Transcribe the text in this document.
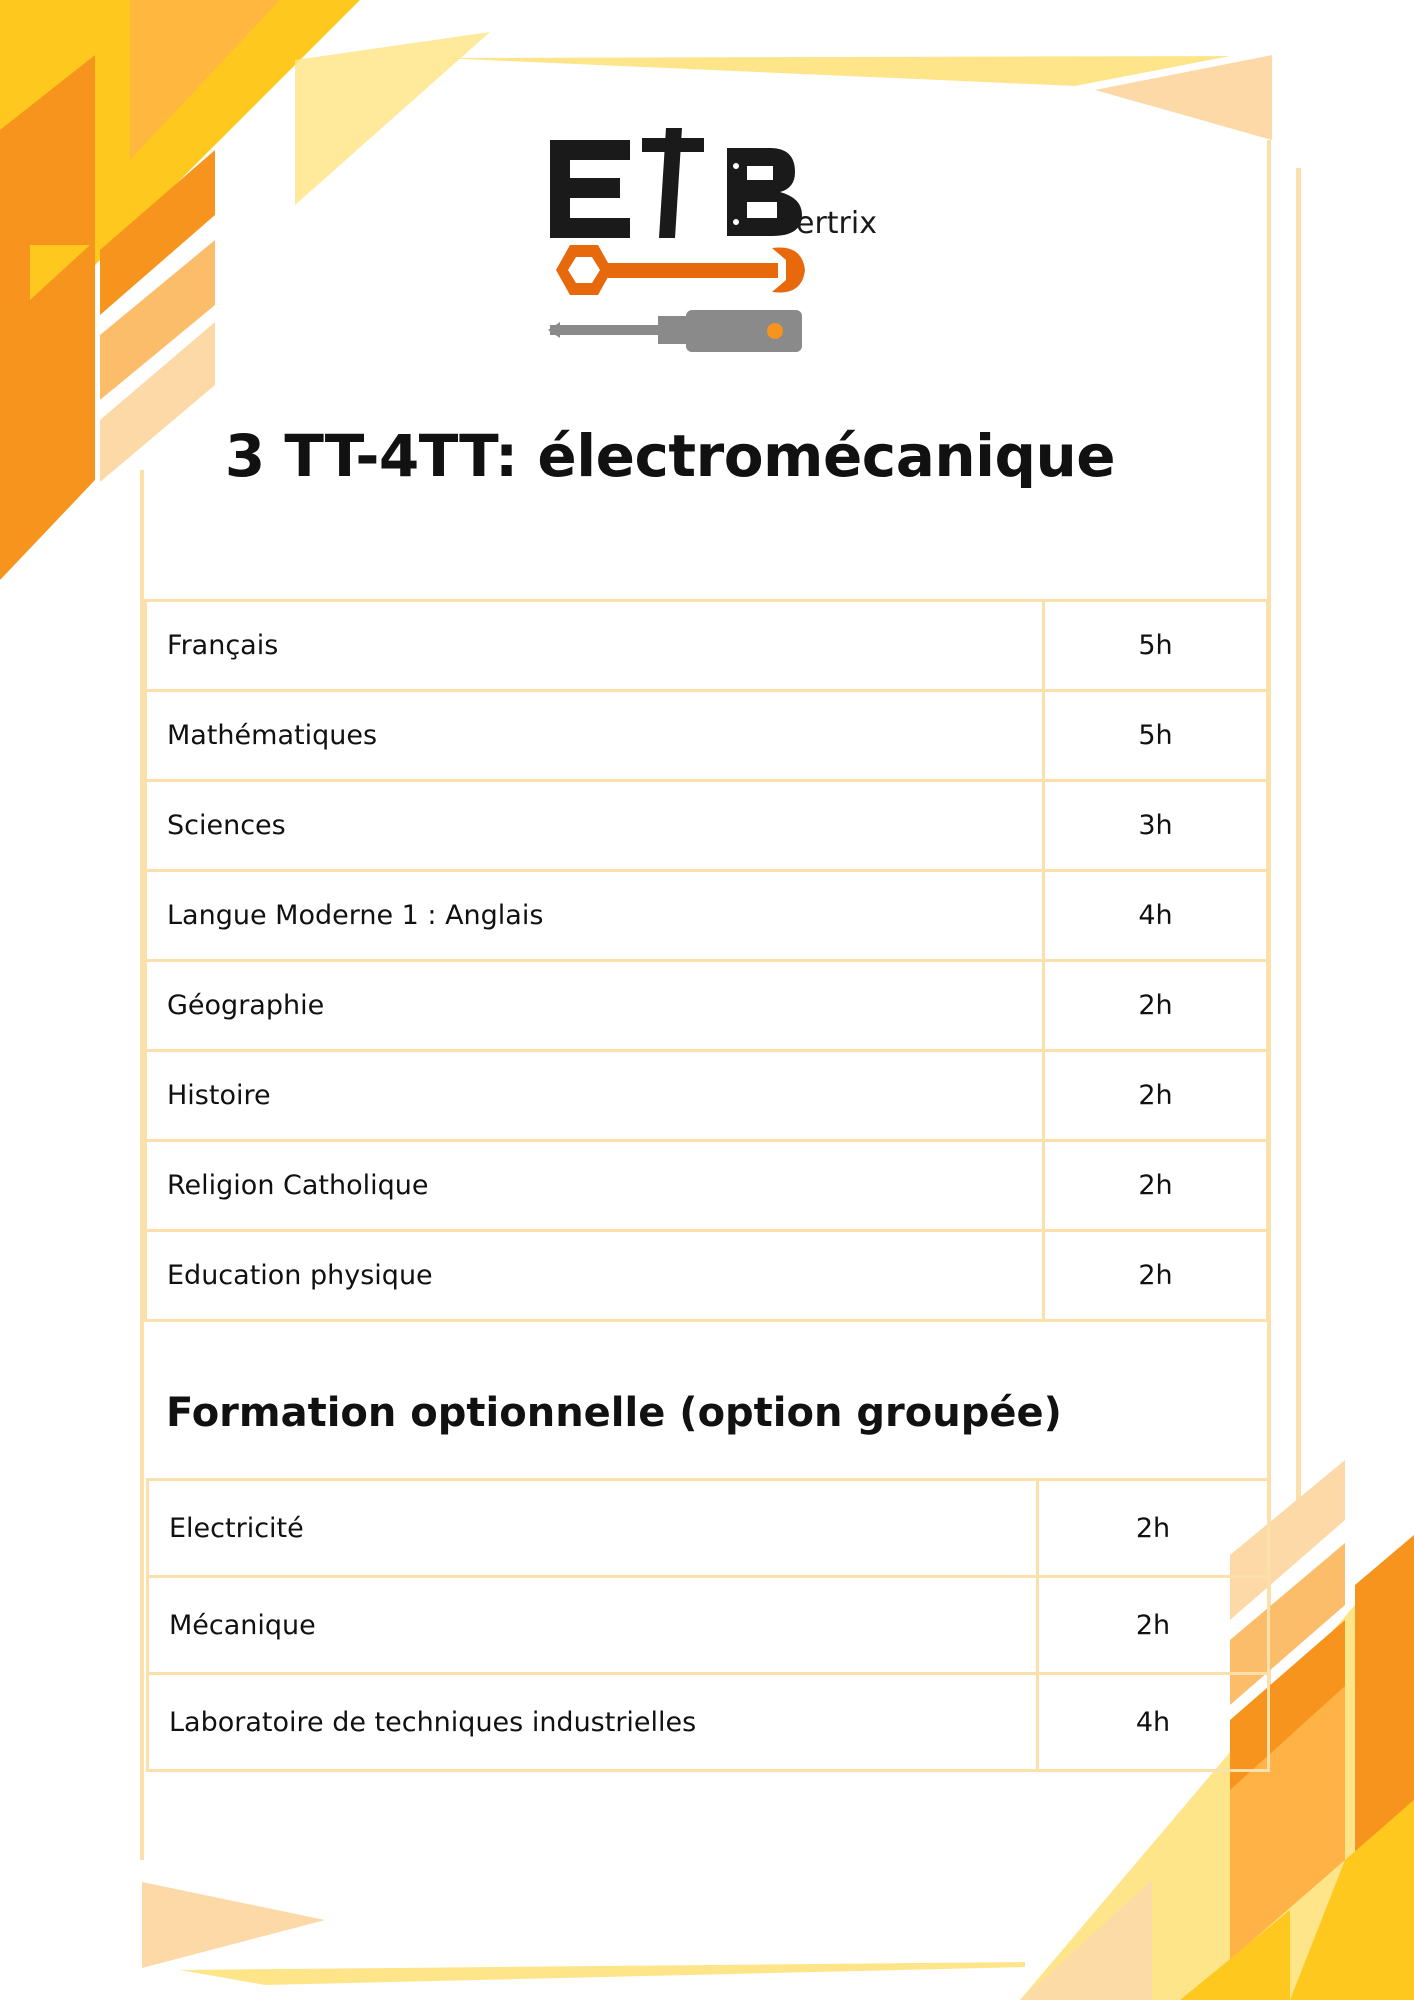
ertrix
3 TT-4TT: électromécanique
Français	5h
Mathématiques	5h
Sciences	3h
Langue Moderne 1 : Anglais	4h
Géographie	2h
Histoire	2h
Religion Catholique	2h
Education physique	2h
Formation optionnelle (option groupée)
Electricité	2h
Mécanique	2h
Laboratoire de techniques industrielles	4h
